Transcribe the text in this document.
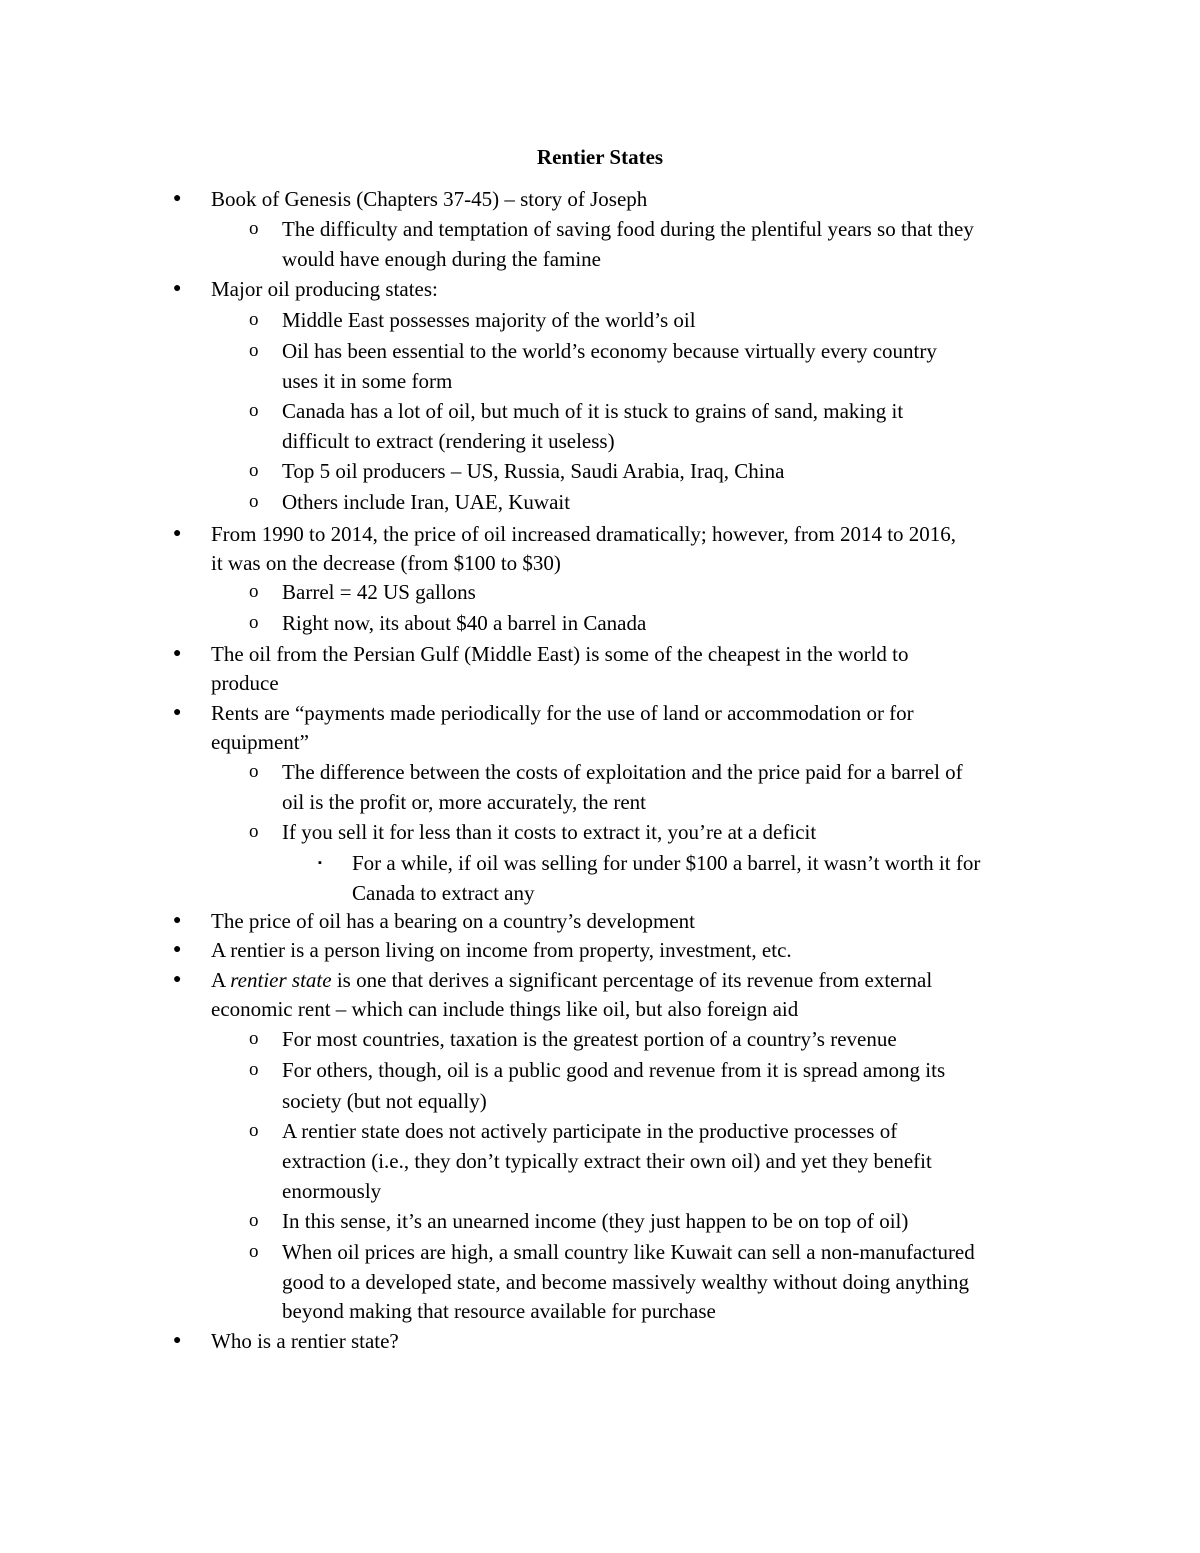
Rentier States
● Book of Genesis (Chapters 37-45) – story of Joseph
o The difficulty and temptation of saving food during the plentiful years so that they
would have enough during the famine
● Major oil producing states:
o Middle East possesses majority of the world’s oil
o Oil has been essential to the world’s economy because virtually every country
uses it in some form
o Canada has a lot of oil, but much of it is stuck to grains of sand, making it
difficult to extract (rendering it useless)
o Top 5 oil producers – US, Russia, Saudi Arabia, Iraq, China
o Others include Iran, UAE, Kuwait
● From 1990 to 2014, the price of oil increased dramatically; however, from 2014 to 2016,
it was on the decrease (from $100 to $30)
o Barrel = 42 US gallons
o Right now, its about $40 a barrel in Canada
● The oil from the Persian Gulf (Middle East) is some of the cheapest in the world to
produce
● Rents are “payments made periodically for the use of land or accommodation or for
equipment”
o The difference between the costs of exploitation and the price paid for a barrel of
oil is the profit or, more accurately, the rent
o If you sell it for less than it costs to extract it, you’re at a deficit
▪ For a while, if oil was selling for under $100 a barrel, it wasn’t worth it for
Canada to extract any
● The price of oil has a bearing on a country’s development
● A rentier is a person living on income from property, investment, etc.
● A rentier state is one that derives a significant percentage of its revenue from external
economic rent – which can include things like oil, but also foreign aid
o For most countries, taxation is the greatest portion of a country’s revenue
o For others, though, oil is a public good and revenue from it is spread among its
society (but not equally)
o A rentier state does not actively participate in the productive processes of
extraction (i.e., they don’t typically extract their own oil) and yet they benefit
enormously
o In this sense, it’s an unearned income (they just happen to be on top of oil)
o When oil prices are high, a small country like Kuwait can sell a non-manufactured
good to a developed state, and become massively wealthy without doing anything
beyond making that resource available for purchase
● Who is a rentier state?
